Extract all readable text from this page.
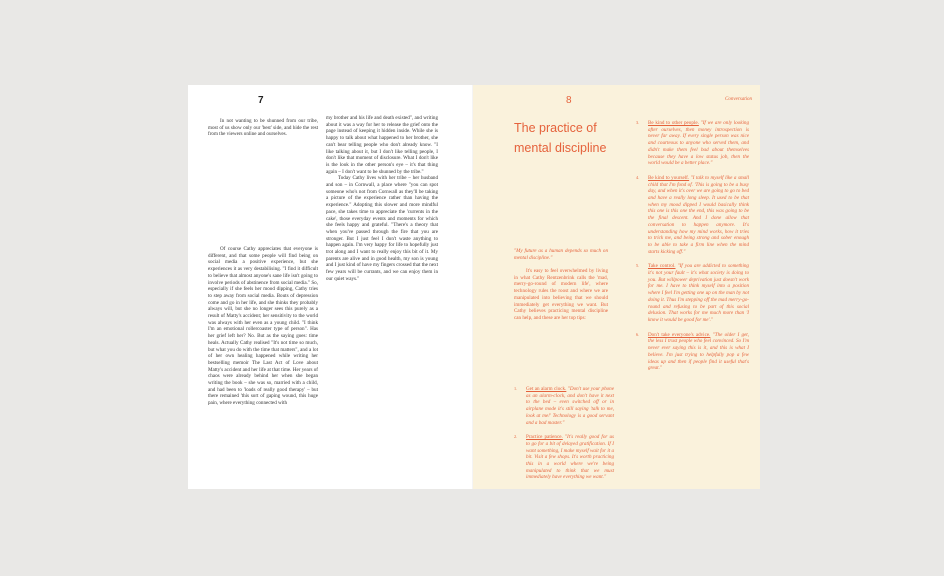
7

In not wanting to be shunned from our tribe, most of us show only our 'best' side, and hide the rest from the viewers online and ourselves.

Of course Cathy appreciates that everyone is different, and that some people will find being on social media a positive experience, but she experiences it as very destabilising. "I find it difficult to believe that almost anyone's sane life isn't going to involve periods of abstinence from social media." So, especially if she feels her mood dipping, Cathy tries to step away from social media. Bouts of depression come and go in her life, and she thinks they probably always will, but she no longer sees this purely as a result of Matty's accident; her sensitivity to the world was always with her even as a young child. "I think I'm an emotional rollercoaster type of person". Has her grief left her? No. But as the saying goes: time heals. Actually Cathy realised "It's not time so much, but what you do with the time that matters", and a lot of her own healing happened while writing her bestselling memoir The Last Act of Love about Matty's accident and her life at that time. Her years of chaos were already behind her when she began writing the book – she was so, married with a child, and had been to 'loads of really good therapy' – but there remained 'this sort of gaping wound, this huge pain, where everything connected with

my brother and his life and death existed", and writing about it was a way for her to release the grief onto the page instead of keeping it hidden inside. While she is happy to talk about what happened to her brother, she can't bear telling people who don't already know. "I like talking about it, but I don't like telling people, I don't like that moment of disclosure. What I don't like is the look in the other person's eye – it's that thing again – I don't want to be shunned by the tribe."

Today Cathy lives with her tribe – her husband and son – in Cornwall, a place where "you can spot someone who's not from Cornwall as they'll be taking a picture of the experience rather than having the experience." Adopting this slower and more mindful pace, she takes time to appreciate the 'currents in the cake', those everyday events and moments for which she feels happy and grateful. "There's a theory that when you've passed through the fire that you are stronger. But I just feel I don't waste anything to happen again. I'm very happy for life to hopefully just trot along and I want to really enjoy this bit of it. My parents are alive and in good health, my son is young and I just kind of have my fingers crossed that the next few years will be currants, and we can enjoy them in our quiet ways."

8	Conversation
The practice of mental discipline

"My future as a human depends so much on mental discipline."

It's easy to feel overwhelmed by living in what Cathy Rentzenbrink calls the 'mad, merry-go-round of modern life', where technology rules the roost and where we are manipulated into believing that we should immediately get everything we want. But Cathy believes practicing mental discipline can help, and these are her top tips:

1. Get an alarm clock. "Don't use your phone as an alarm-clock, and don't have it next to the bed – even switched off or in airplane mode it's still saying 'talk to me, look at me!' Technology is a good servant and a bad master."
2. Practice patience. "It's really good for us to go for a bit of delayed gratification. If I want something, I make myself wait for it a bit. Visit a few shops. It's worth practicing this in a world where we're being manipulated to think that we must immediately have everything we want."
3. Be kind to other people. "If we are only looking after ourselves, then money introspection is never far away. If every single person was nice and courteous to anyone who served them, and didn't make them feel bad about themselves because they have a low status job, then the world would be a better place."
4. Be kind to yourself. "I talk to myself like a small child that I'm fond of. 'This is going to be a busy day, and when it's over we are going to go to bed and have a really long sleep. It used to be that when my mood dipped I would basically think this one is this one the end, this was going to be the final descent. And I done allow that conversation to happen anymore. It's understanding how my mind works, how it tries to trick me, and being strong and sober enough to be able to take a firm line when the mind starts kicking off."
5. Take control. "If you are addicted to something it's not your fault – it's what society is doing to you. But willpower deprivation just doesn't work for me. I have to think myself into a position where I feel I'm getting one up on the man by not doing it. Thus I'm stepping off the mad merry-go-round and refusing to be part of this social delusion. That works for me much more than 'I know it would be good for me'."
6. Don't take everyone's advice. "The older I get, the less I trust people who feel convinced. So I'm never ever saying this is it, and this is what I believe. I'm just trying to helpfully pop a few ideas up and then if people find it useful that's great."
